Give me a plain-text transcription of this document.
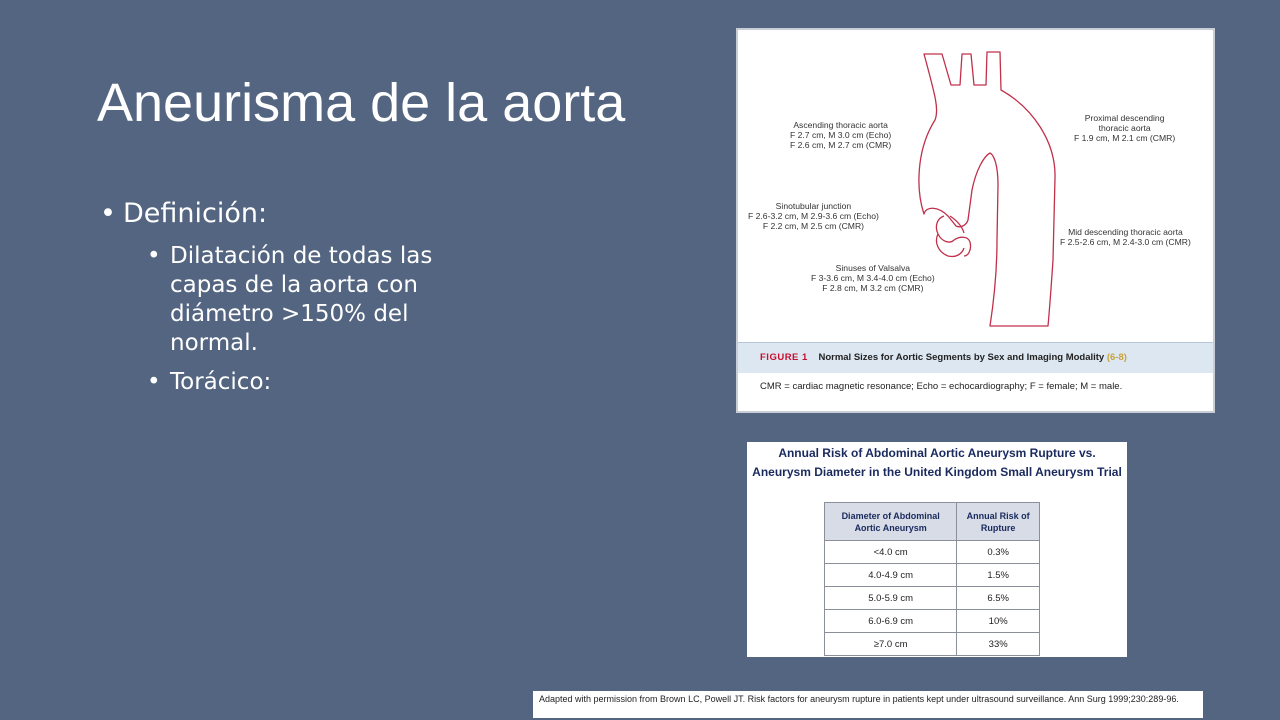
Aneurisma de la aorta
• Definición:
• Dilatación de todas las capas de la aorta con diámetro >150% del normal.
• Torácico:
Ascending thoracic aorta
F 2.7 cm, M 3.0 cm (Echo)
F 2.6 cm, M 2.7 cm (CMR)
Proximal descending
thoracic aorta
F 1.9 cm, M 2.1 cm (CMR)
Sinotubular junction
F 2.6-3.2 cm, M 2.9-3.6 cm (Echo)
F 2.2 cm, M 2.5 cm (CMR)
Mid descending thoracic aorta
F 2.5-2.6 cm, M 2.4-3.0 cm (CMR)
Sinuses of Valsalva
F 3-3.6 cm, M 3.4-4.0 cm (Echo)
F 2.8 cm, M 3.2 cm (CMR)
FIGURE 1 Normal Sizes for Aortic Segments by Sex and Imaging Modality (6-8)
CMR = cardiac magnetic resonance; Echo = echocardiography; F = female; M = male.
Annual Risk of Abdominal Aortic Aneurysm Rupture vs.
Aneurysm Diameter in the United Kingdom Small Aneurysm Trial
Diameter of Abdominal Aortic Aneurysm	Annual Risk of Rupture
<4.0 cm	0.3%
4.0-4.9 cm	1.5%
5.0-5.9 cm	6.5%
6.0-6.9 cm	10%
≥7.0 cm	33%
Adapted with permission from Brown LC, Powell JT. Risk factors for aneurysm rupture in patients kept under ultrasound surveillance. Ann Surg 1999;230:289-96.
